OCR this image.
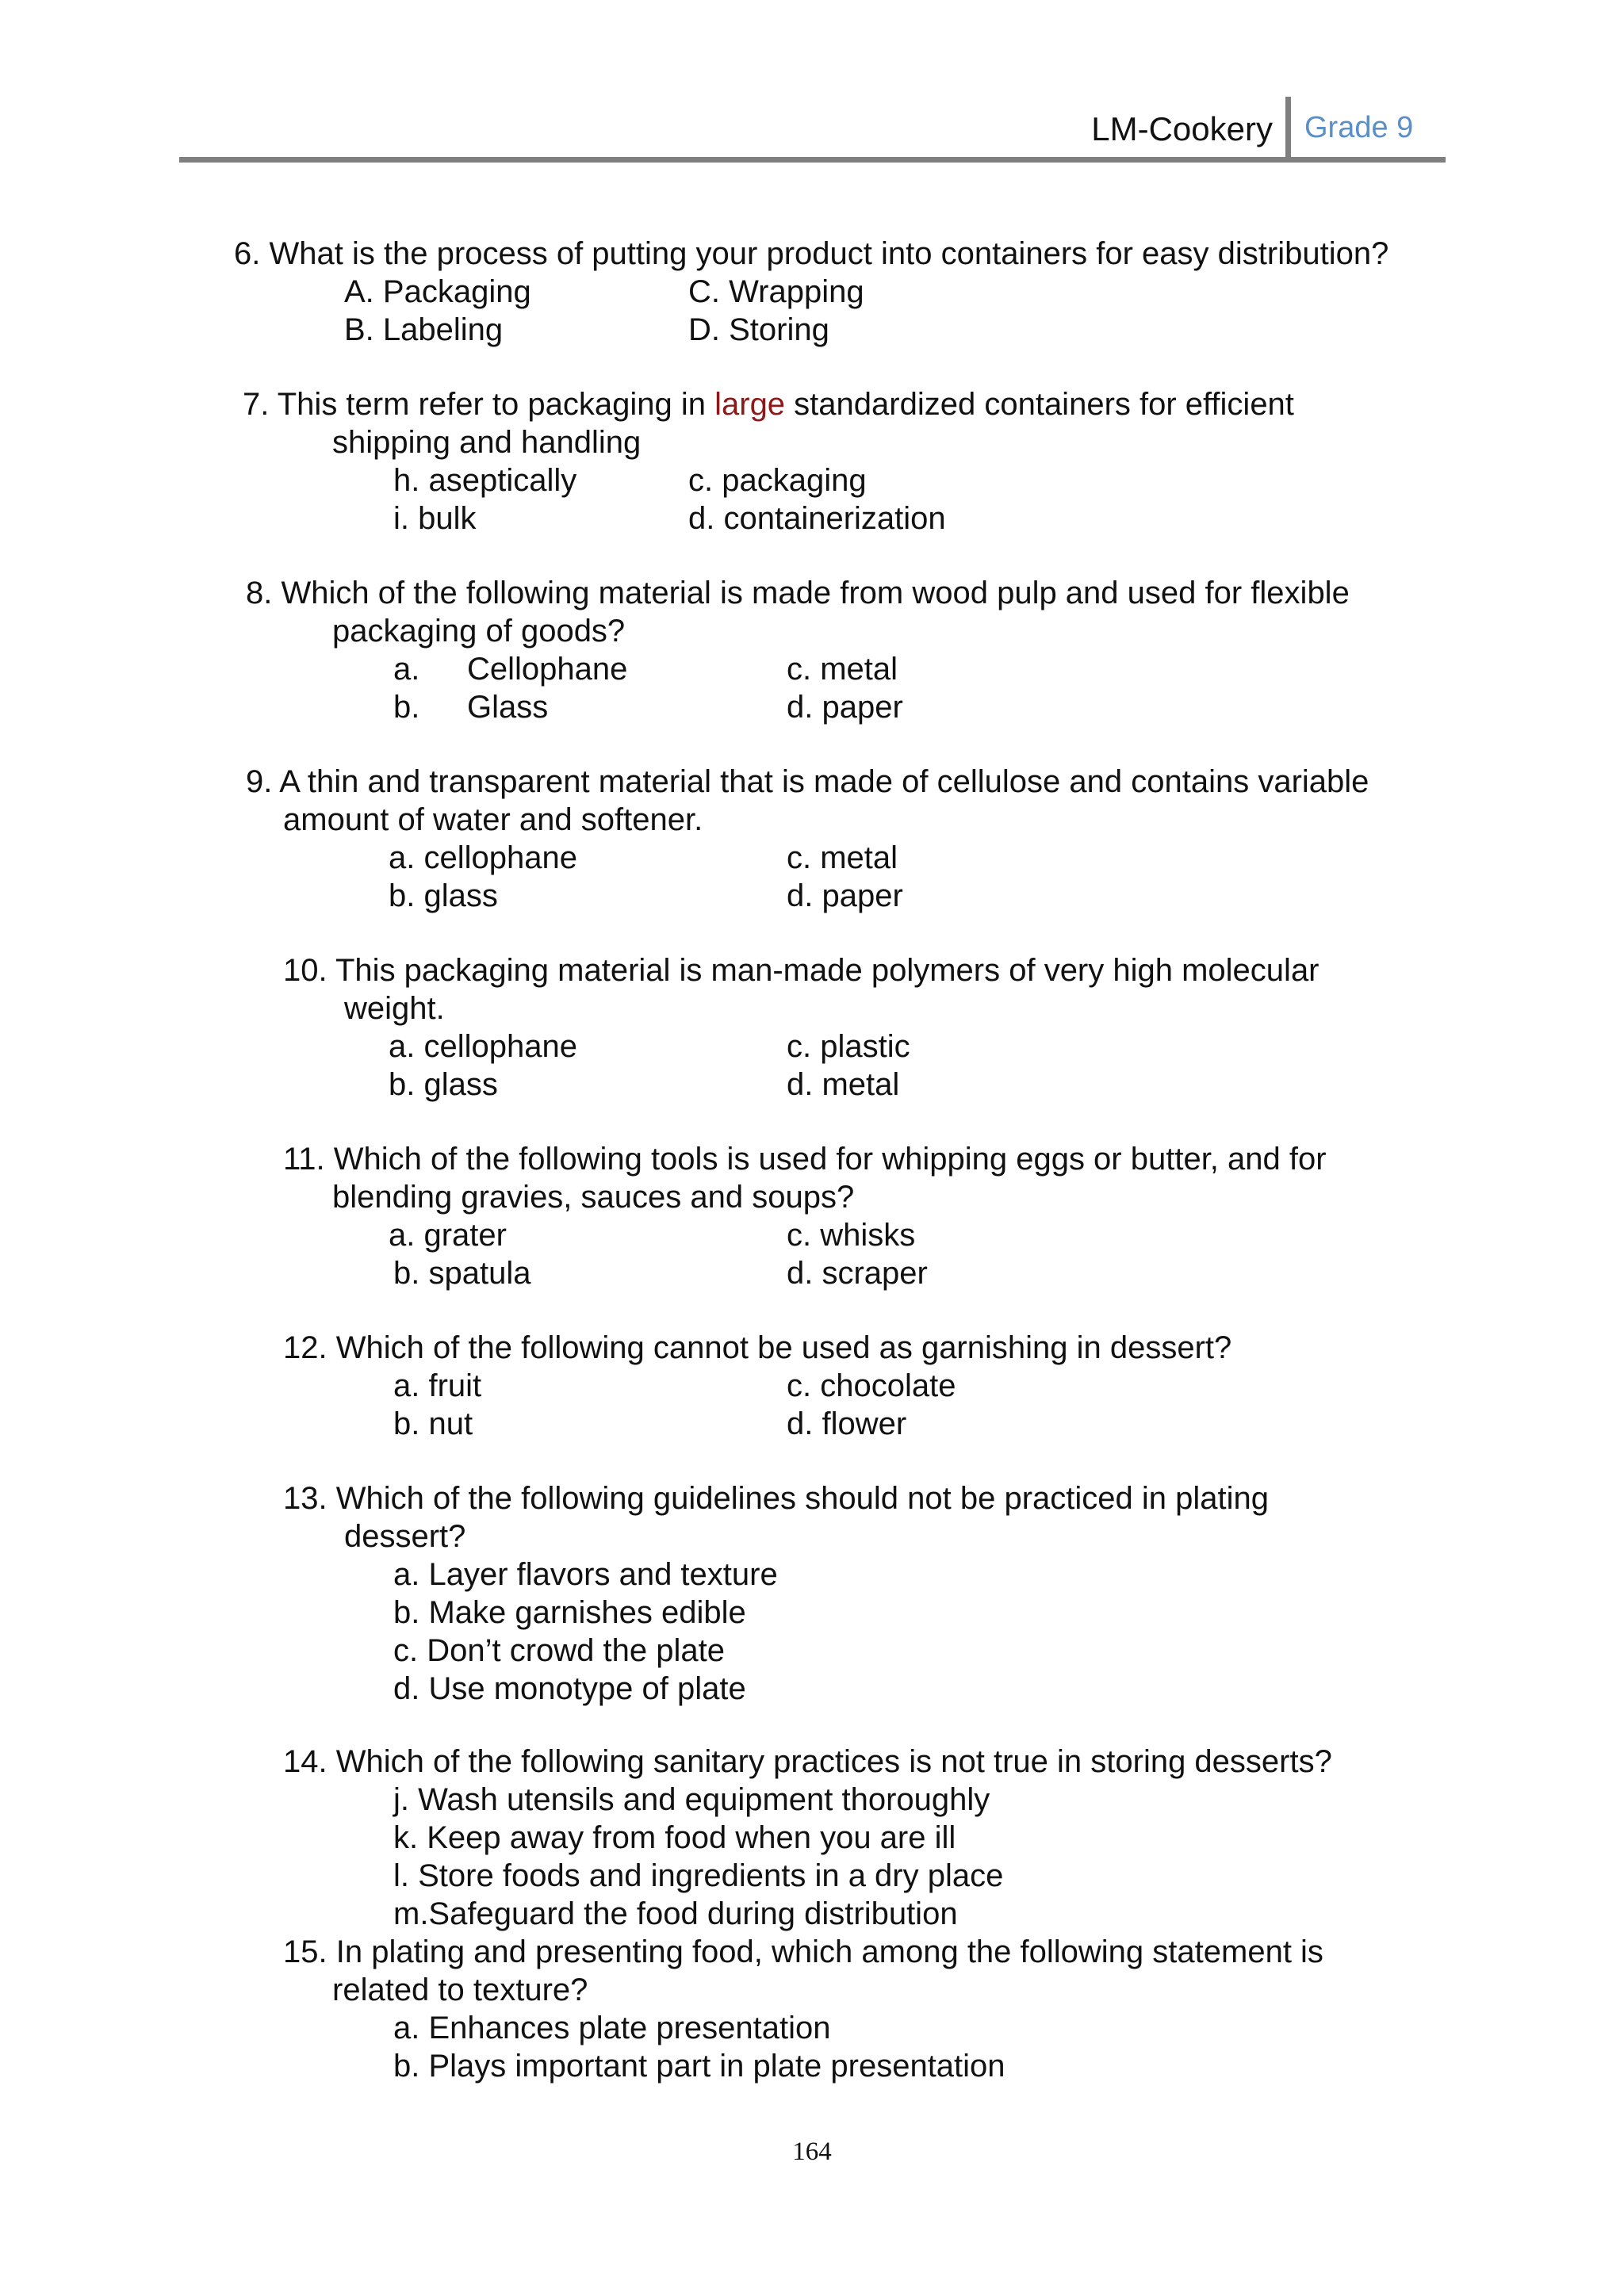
LM-Cookery Grade 9
6. What is the process of putting your product into containers for easy distribution?
A. Packaging	C. Wrapping
B. Labeling	D. Storing
7. This term refer to packaging in large standardized containers for efficient
shipping and handling
h. aseptically	c. packaging
i. bulk	d. containerization
8. Which of the following material is made from wood pulp and used for flexible
packaging of goods?
a. Cellophane	c. metal
b. Glass	d. paper
9. A thin and transparent material that is made of cellulose and contains variable
amount of water and softener.
a. cellophane	c. metal
b. glass	d. paper
10. This packaging material is man-made polymers of very high molecular
weight.
a. cellophane	c. plastic
b. glass	d. metal
11. Which of the following tools is used for whipping eggs or butter, and for
blending gravies, sauces and soups?
a. grater	c. whisks
b. spatula	d. scraper
12. Which of the following cannot be used as garnishing in dessert?
a. fruit	c. chocolate
b. nut	d. flower
13. Which of the following guidelines should not be practiced in plating
dessert?
a. Layer flavors and texture
b. Make garnishes edible
c. Don’t crowd the plate
d. Use monotype of plate
14. Which of the following sanitary practices is not true in storing desserts?
j. Wash utensils and equipment thoroughly
k. Keep away from food when you are ill
l. Store foods and ingredients in a dry place
m.Safeguard the food during distribution
15. In plating and presenting food, which among the following statement is
related to texture?
a. Enhances plate presentation
b. Plays important part in plate presentation
164
